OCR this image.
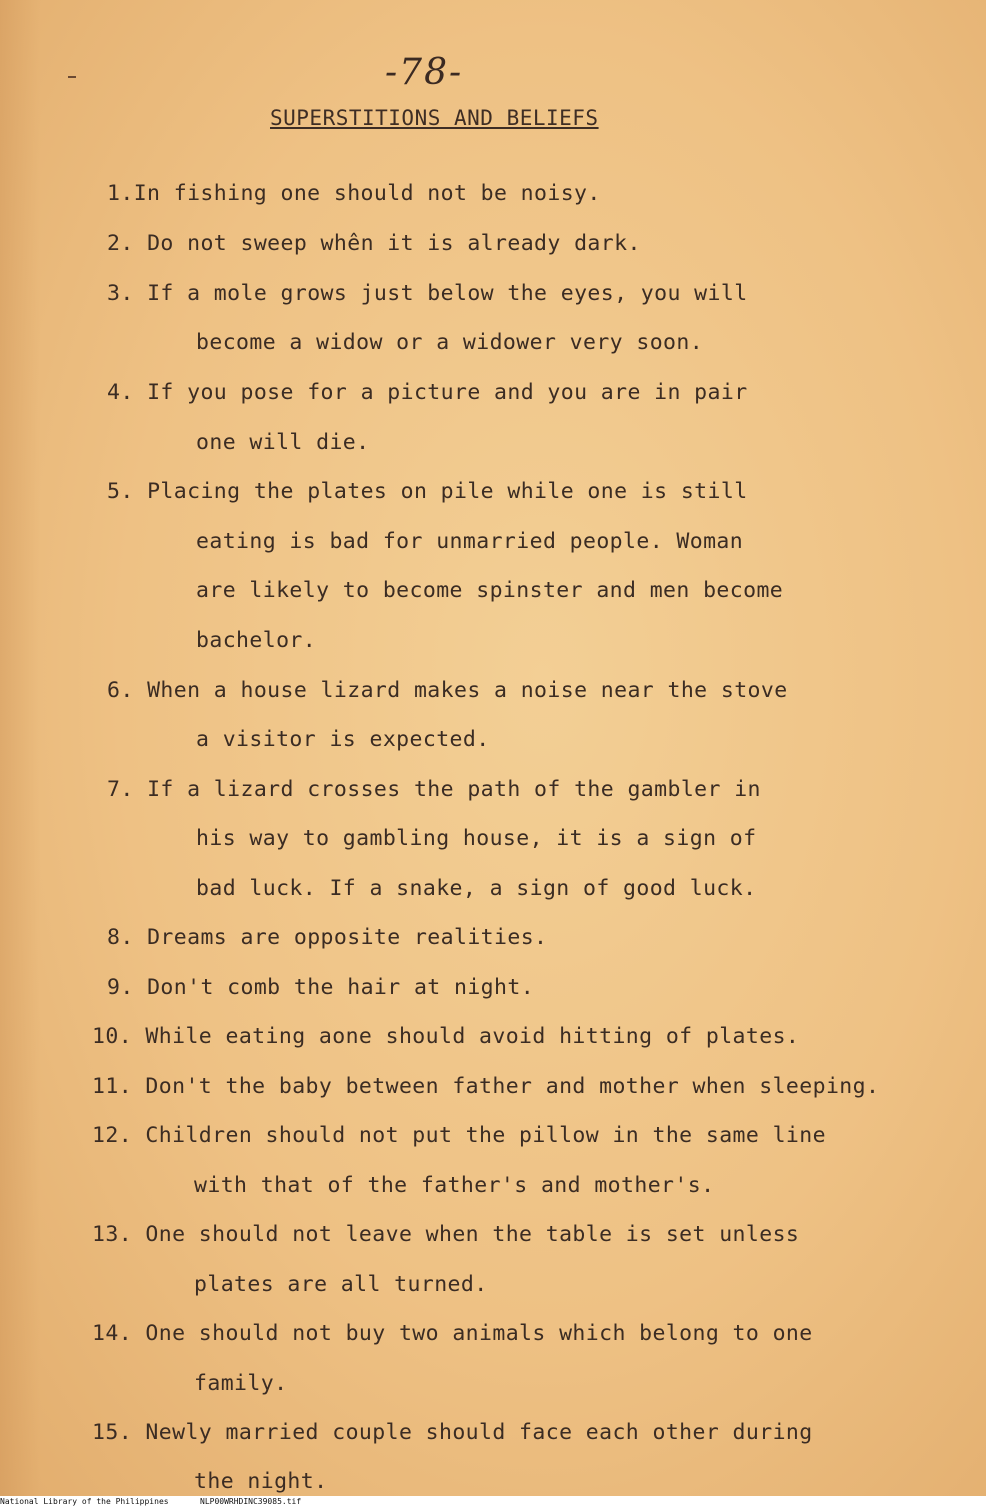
-78-
SUPERSTITIONS AND BELIEFS
1.In fishing one should not be noisy.
2. Do not sweep whên it is already dark.
3. If a mole grows just below the eyes, you will
become a widow or a widower very soon.
4. If you pose for a picture and you are in pair
one will die.
5. Placing the plates on pile while one is still
eating is bad for unmarried people. Woman
are likely to become spinster and men become
bachelor.
6. When a house lizard makes a noise near the stove
a visitor is expected.
7. If a lizard crosses the path of the gambler in
his way to gambling house, it is a sign of
bad luck. If a snake, a sign of good luck.
8. Dreams are opposite realities.
9. Don't comb the hair at night.
10. While eating aone should avoid hitting of plates.
11. Don't the baby between father and mother when sleeping.
12. Children should not put the pillow in the same line
with that of the father's and mother's.
13. One should not leave when the table is set unless
plates are all turned.
14. One should not buy two animals which belong to one
family.
15. Newly married couple should face each other during
the night.
National Library of the Philippines	NLP00WRHDINC39085.tif
